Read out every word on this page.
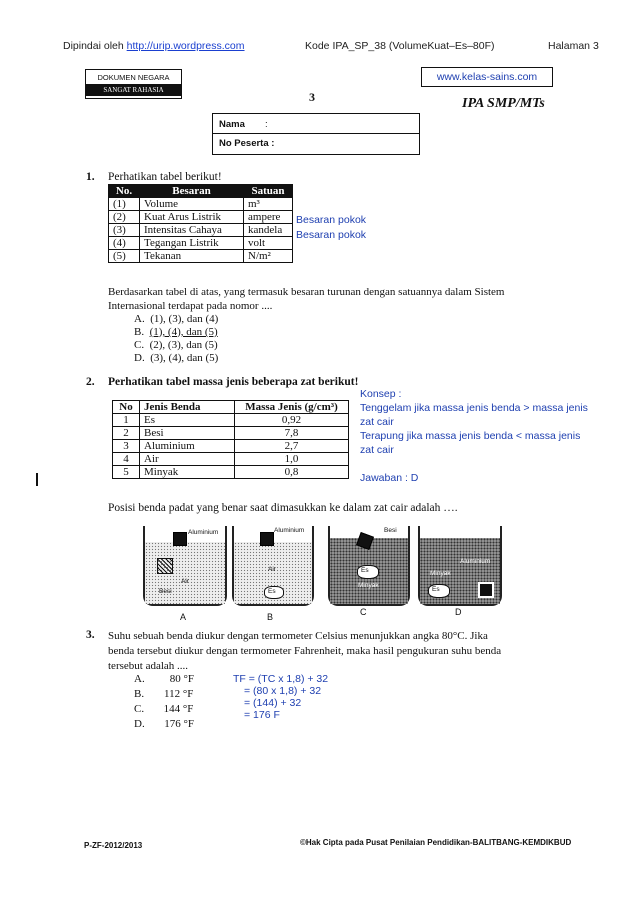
Dipindai oleh http://urip.wordpress.com	Kode IPA_SP_38 (VolumeKuat–Es–80F)	Halaman 3
DOKUMEN NEGARA
SANGAT RAHASIA	3
www.kelas-sains.com
IPA SMP/MTs
Nama :
No Peserta :
1. Perhatikan tabel berikut!
No.	Besaran	Satuan
(1)	Volume	m³
(2)	Kuat Arus Listrik	ampere
(3)	Intensitas Cahaya	kandela
(4)	Tegangan Listrik	volt
(5)	Tekanan	N/m²
Besaran pokok
Besaran pokok
Berdasarkan tabel di atas, yang termasuk besaran turunan dengan satuannya dalam Sistem
Internasional terdapat pada nomor ....
A. (1), (3), dan (4)
B. (1), (4), dan (5)
C. (2), (3), dan (5)
D. (3), (4), dan (5)
2. Perhatikan tabel massa jenis beberapa zat berikut!
No	Jenis Benda	Massa Jenis (g/cm³)
1	Es	0,92
2	Besi	7,8
3	Aluminium	2,7
4	Air	1,0
5	Minyak	0,8
Konsep :
Tenggelam jika massa jenis benda > massa jenis
zat cair
Terapung jika massa jenis benda < massa jenis
zat cair
Jawaban : D
Posisi benda padat yang benar saat dimasukkan ke dalam zat cair adalah ….
Aluminium
Air
Besi
A
Aluminium
Air
Es
B
Besi
Es
Minyak
C
Aluminium
Minyak
Es
D
3. Suhu sebuah benda diukur dengan termometer Celsius menunjukkan angka 80°C. Jika
benda tersebut diukur dengan termometer Fahrenheit, maka hasil pengukuran suhu benda
tersebut adalah ....
A. 80 °F
B. 112 °F
C. 144 °F
D. 176 °F
TF = (TC x 1,8) + 32
= (80 x 1,8) + 32
= (144) + 32
= 176 F
P-ZF-2012/2013	©Hak Cipta pada Pusat Penilaian Pendidikan-BALITBANG-KEMDIKBUD
